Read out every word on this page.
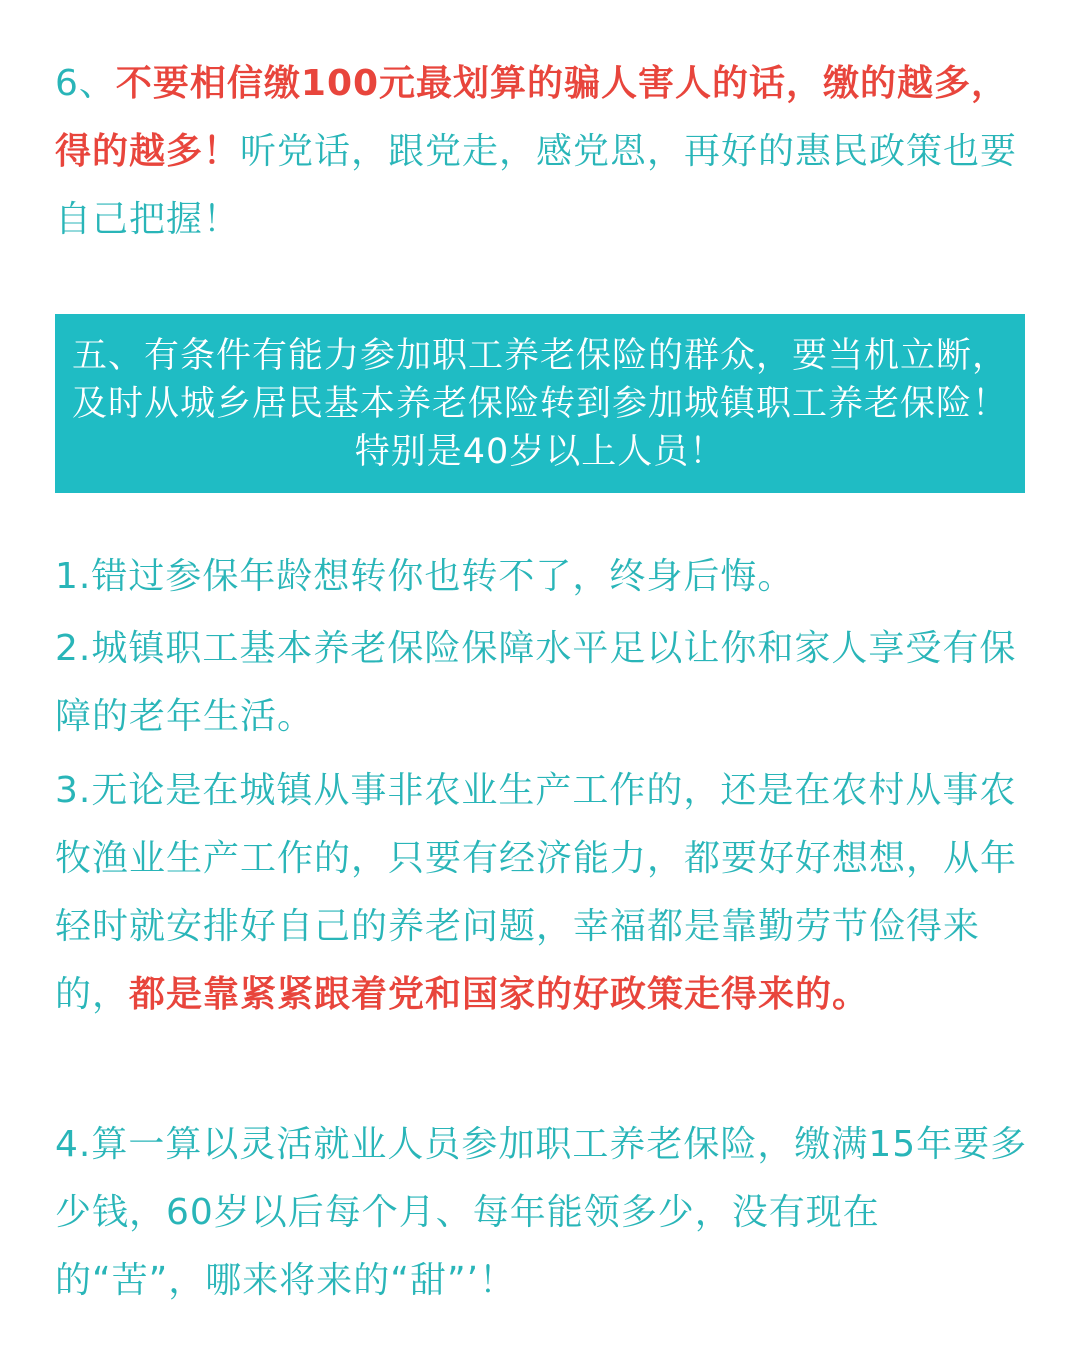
6、不要相信缴100元最划算的骗人害人的话，缴的越多，得的越多！听党话，跟党走，感党恩，再好的惠民政策也要自己把握！

五、有条件有能力参加职工养老保险的群众，要当机立断，及时从城乡居民基本养老保险转到参加城镇职工养老保险！特别是40岁以上人员！

1.错过参保年龄想转你也转不了，终身后悔。

2.城镇职工基本养老保险保障水平足以让你和家人享受有保障的老年生活。

3.无论是在城镇从事非农业生产工作的，还是在农村从事农牧渔业生产工作的，只要有经济能力，都要好好想想，从年轻时就安排好自己的养老问题，幸福都是靠勤劳节俭得来的，都是靠紧紧跟着党和国家的好政策走得来的。

4.算一算以灵活就业人员参加职工养老保险，缴满15年要多少钱，60岁以后每个月、每年能领多少，没有现在的“苦”，哪来将来的“甜”’！
